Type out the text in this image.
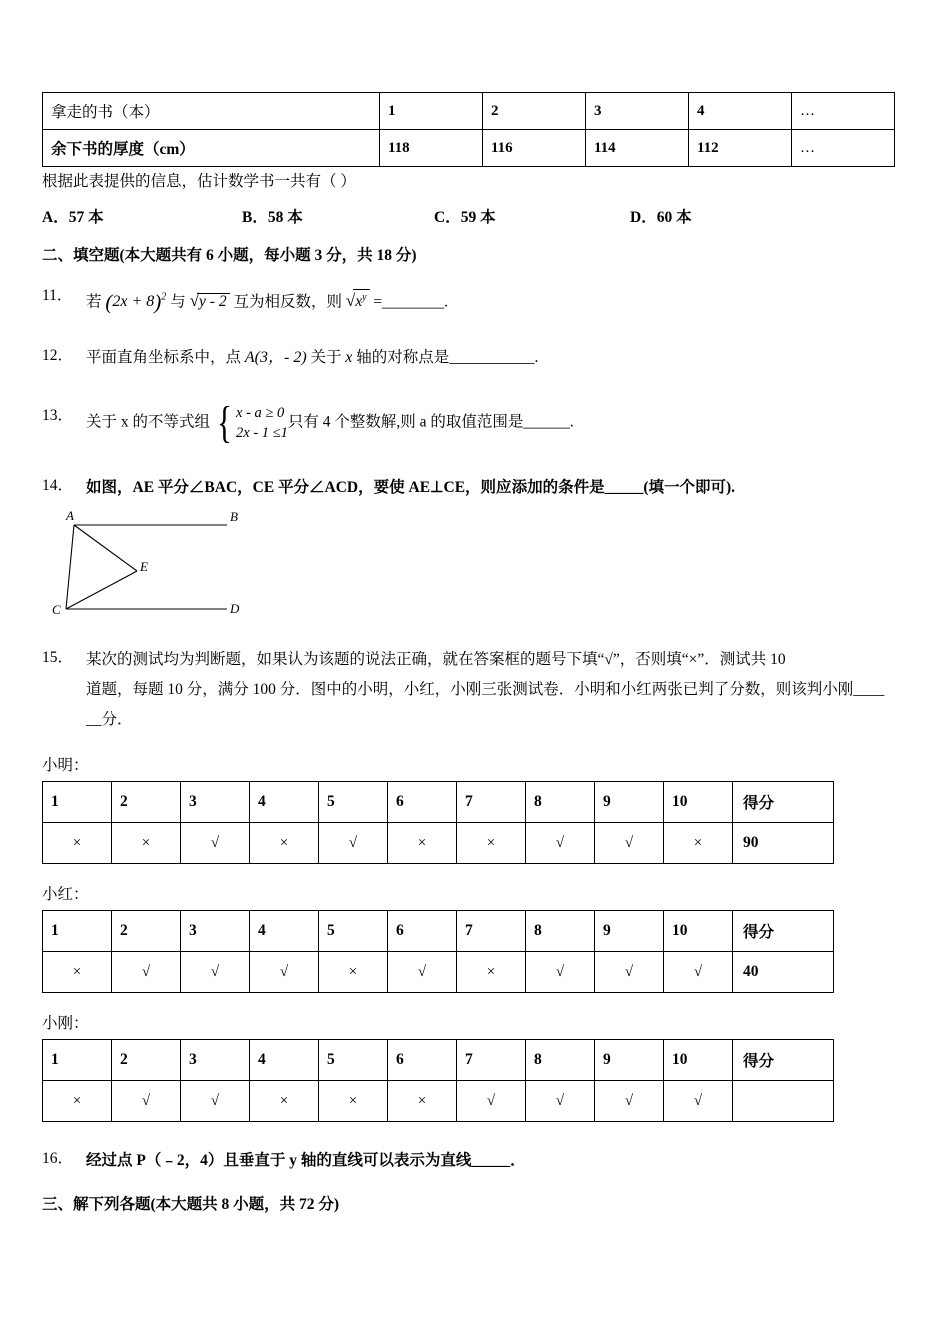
拿走的书（本）	1	2	3	4	…
余下书的厚度（cm）	118	116	114	112	…

根据此表提供的信息，估计数学书一共有（ ）

A．57 本	B．58 本	C．59 本	D．60 本

二、填空题(本大题共有 6 小题，每小题 3 分，共 18 分)

11． 若 $(2x + 8)^2$ 与 √y - 2 互为相反数，则 $√x^y$ =________.
12． 平面直角坐标系中，点 A(3，- 2) 关于 x 轴的对称点是___________.
13． 关于 x 的不等式组 { x - a ≥ 0
2x - 1 ≤1
只有 4 个整数解,则 a 的取值范围是______.
14． 如图，AE 平分∠BAC，CE 平分∠ACD，要使 AE⊥CE，则应添加的条件是_____(填一个即可).
A	B
C	D
E
15． 某次的测试均为判断题，如果认为该题的说法正确，就在答案框的题号下填“√”，否则填“×”．测试共 10
道题，每题 10 分，满分 100 分．图中的小明，小红，小刚三张测试卷．小明和小红两张已判了分数，则该判小刚____
__分．
小明：
1	2	3	4	5	6	7	8	9	10	得分
×	×	√	×	√	×	×	√	√	×	90
小红：
1	2	3	4	5	6	7	8	9	10	得分
×	√	√	√	×	√	×	√	√	√	40
小刚：
1	2	3	4	5	6	7	8	9	10	得分
×	√	√	×	×	×	√	√	√	√	
16． 经过点 P（﹣2，4）且垂直于 y 轴的直线可以表示为直线_____．

三、解下列各题(本大题共 8 小题，共 72 分)
